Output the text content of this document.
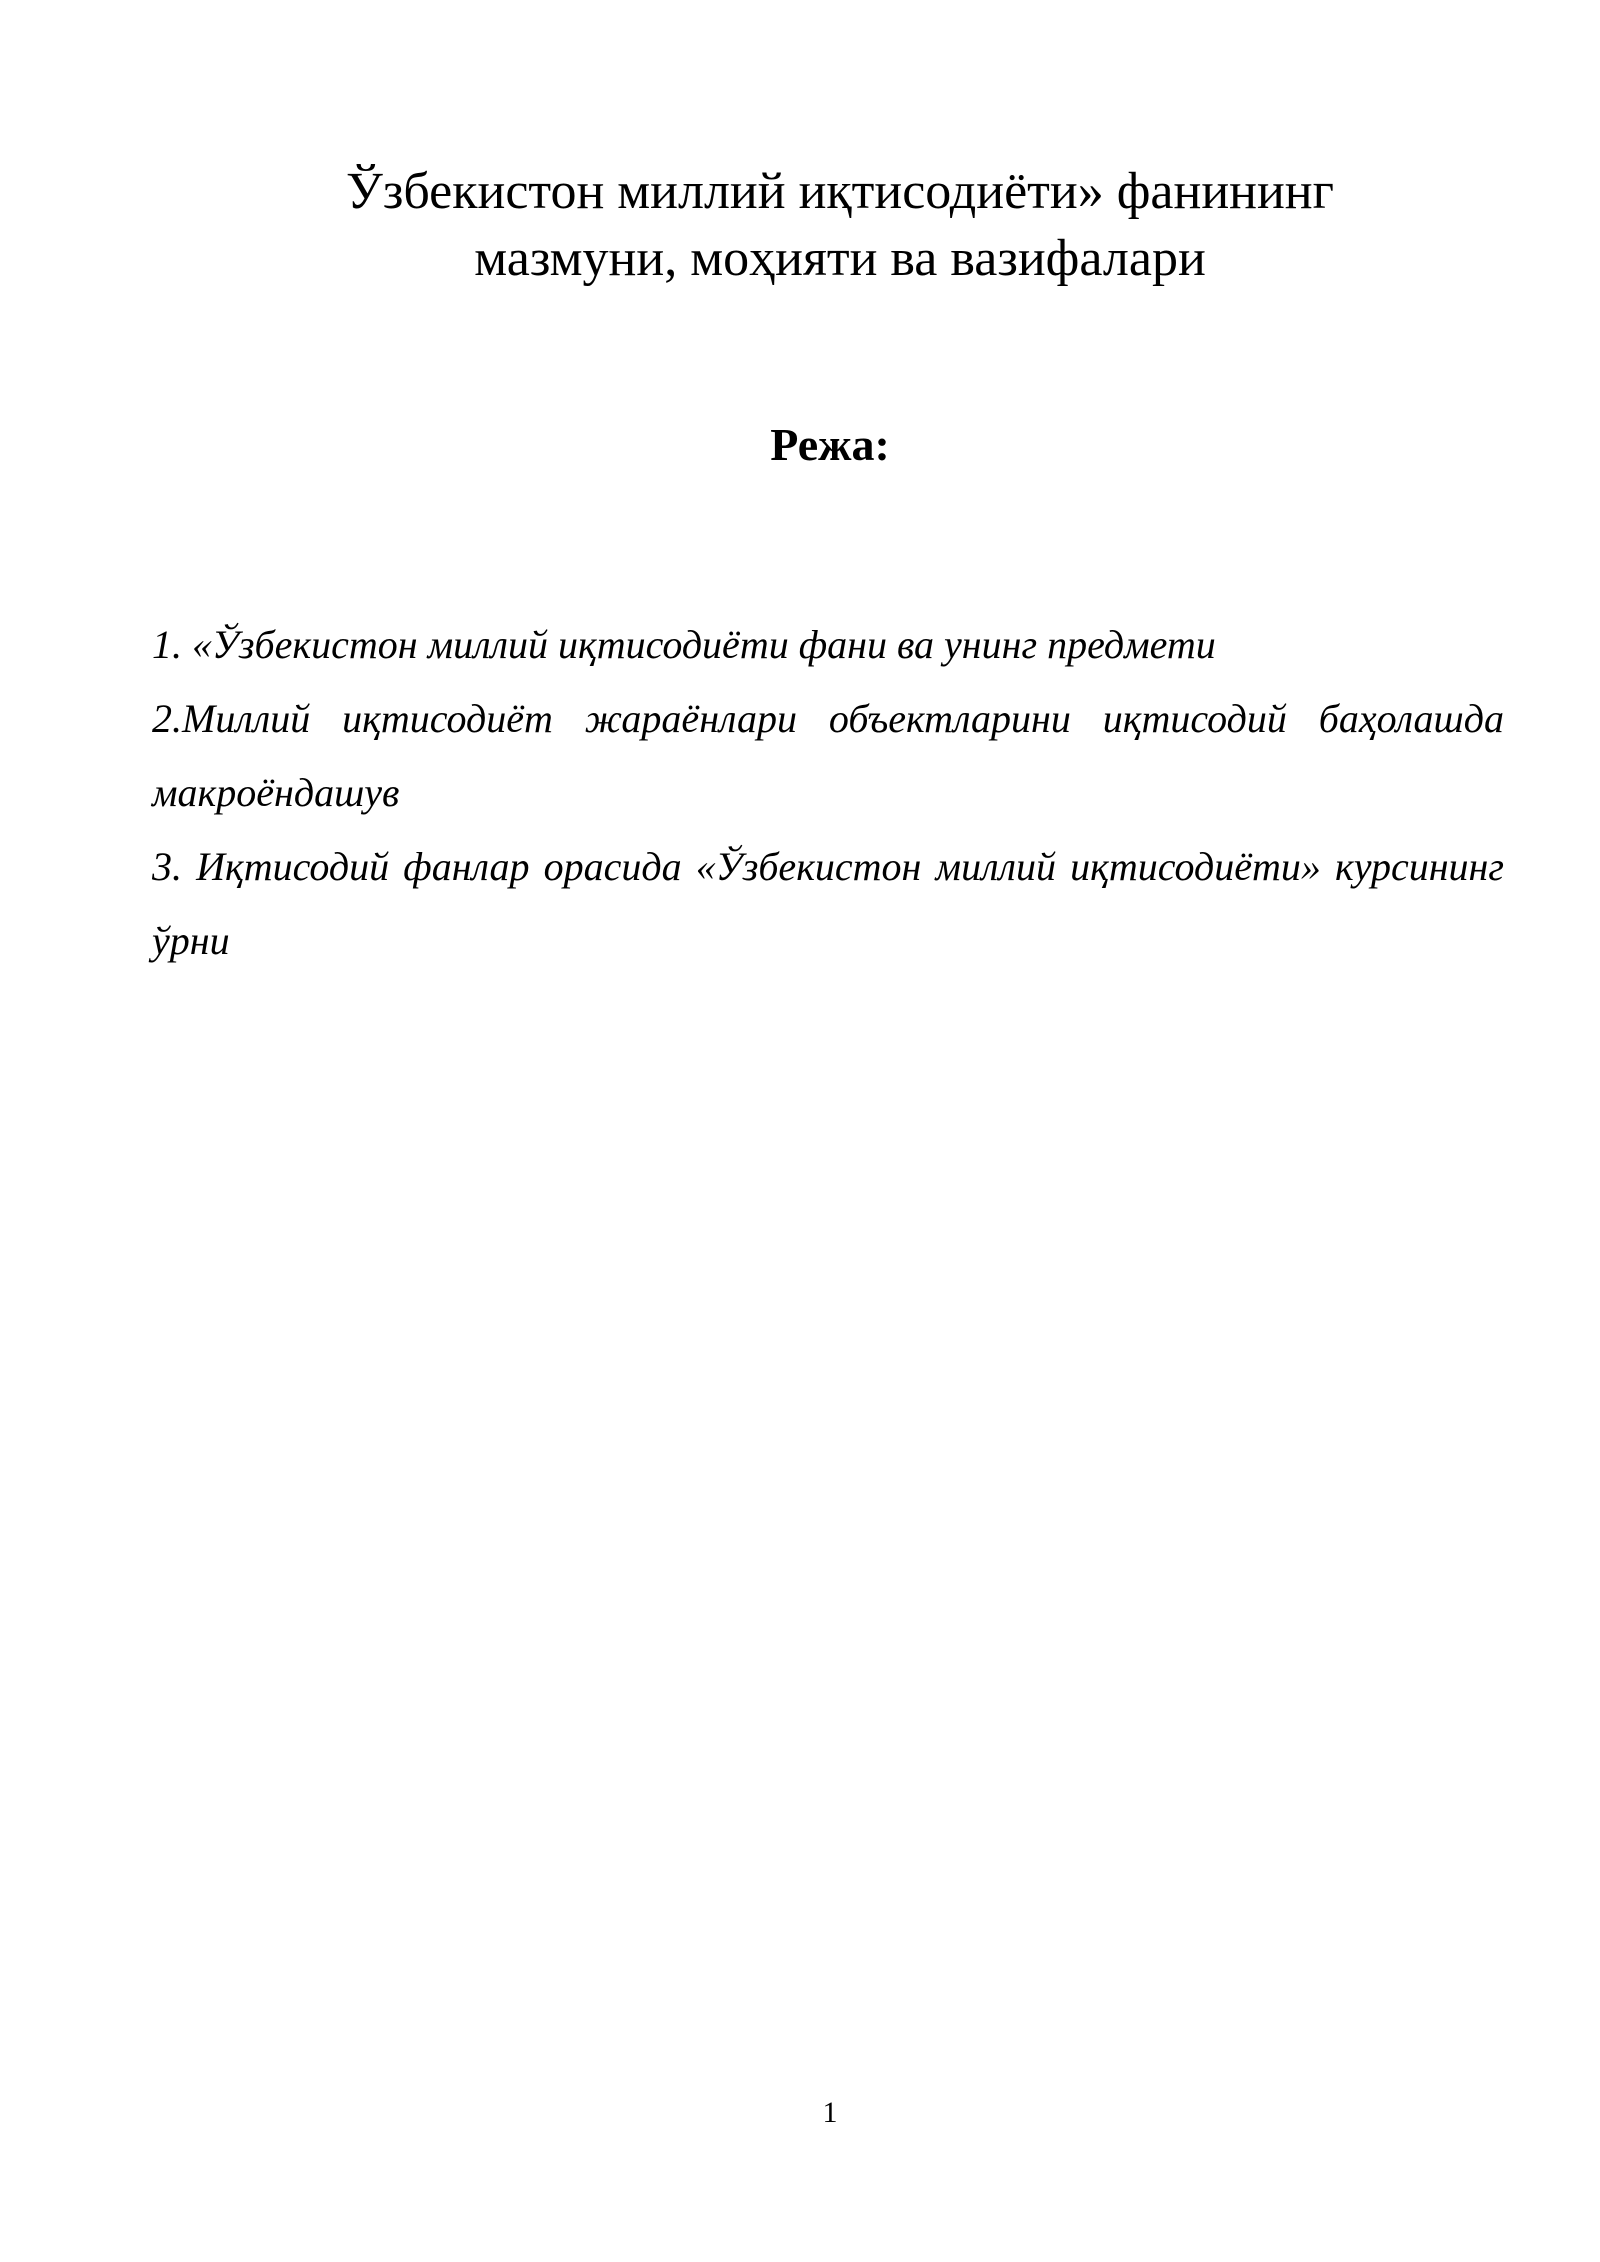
Ўзбекистон миллий иқтисодиёти» фанининг
мазмуни, моҳияти ва вазифалари
Режа:
1. «Ўзбекистон миллий иқтисодиёти фани ва унинг предмети
2.Миллий иқтисодиёт жараёнлари объектларини иқтисодий баҳолашда макроёндашув
3. Иқтисодий фанлар орасида «Ўзбекистон миллий иқтисодиёти» курсининг ўрни
1
